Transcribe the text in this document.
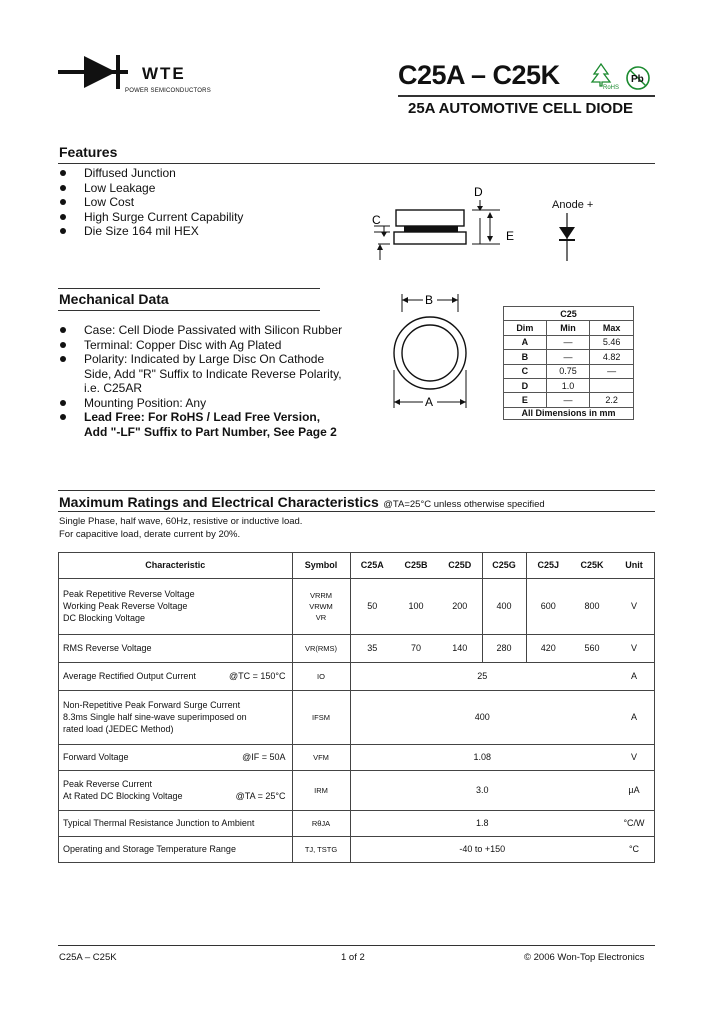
WTE
POWER SEMICONDUCTORS
C25A – C25K	RoHS
Pb
25A AUTOMOTIVE CELL DIODE
Features
Diffused Junction
Low Leakage
Low Cost
High Surge Current Capability
Die Size 164 mil HEX
D
C
E
Anode +
Mechanical Data
Case: Cell Diode Passivated with Silicon Rubber
Terminal: Copper Disc with Ag Plated
Polarity: Indicated by Large Disc On Cathode
Side, Add "R" Suffix to Indicate Reverse Polarity,
i.e. C25AR
Mounting Position: Any
Lead Free: For RoHS / Lead Free Version,
Add "-LF" Suffix to Part Number, See Page 2
B
A
C25		
Dim	Min	Max
A	—	5.46
B	—	4.82
C	0.75	—
D	1.0	
E	—	2.2
All Dimensions in mm		
Maximum Ratings and Electrical Characteristics @TA=25°C unless otherwise specified
Single Phase, half wave, 60Hz, resistive or inductive load.
For capacitive load, derate current by 20%.
Characteristic	Symbol	C25A	C25B	C25D	C25G	C25J	C25K	Unit
Peak Repetitive Reverse Voltage
Working Peak Reverse Voltage
DC Blocking Voltage	VRRM
VRWM
VR	50	100	200	400	600	800	V
RMS Reverse Voltage	VR(RMS)	35	70	140	280	420	560	V
Average Rectified Output Current @TC = 150°C	IO	25						A
Non-Repetitive Peak Forward Surge Current
8.3ms Single half sine-wave superimposed on
rated load (JEDEC Method)	IFSM	400						A
Forward Voltage @IF = 50A	VFM	1.08						V
Peak Reverse Current
At Rated DC Blocking Voltage @TA = 25°C	IRM	3.0						µA
Typical Thermal Resistance Junction to Ambient	RθJA	1.8						°C/W
Operating and Storage Temperature Range	TJ, TSTG	-40 to +150						°C
C25A – C25K	1 of 2	© 2006 Won-Top Electronics
